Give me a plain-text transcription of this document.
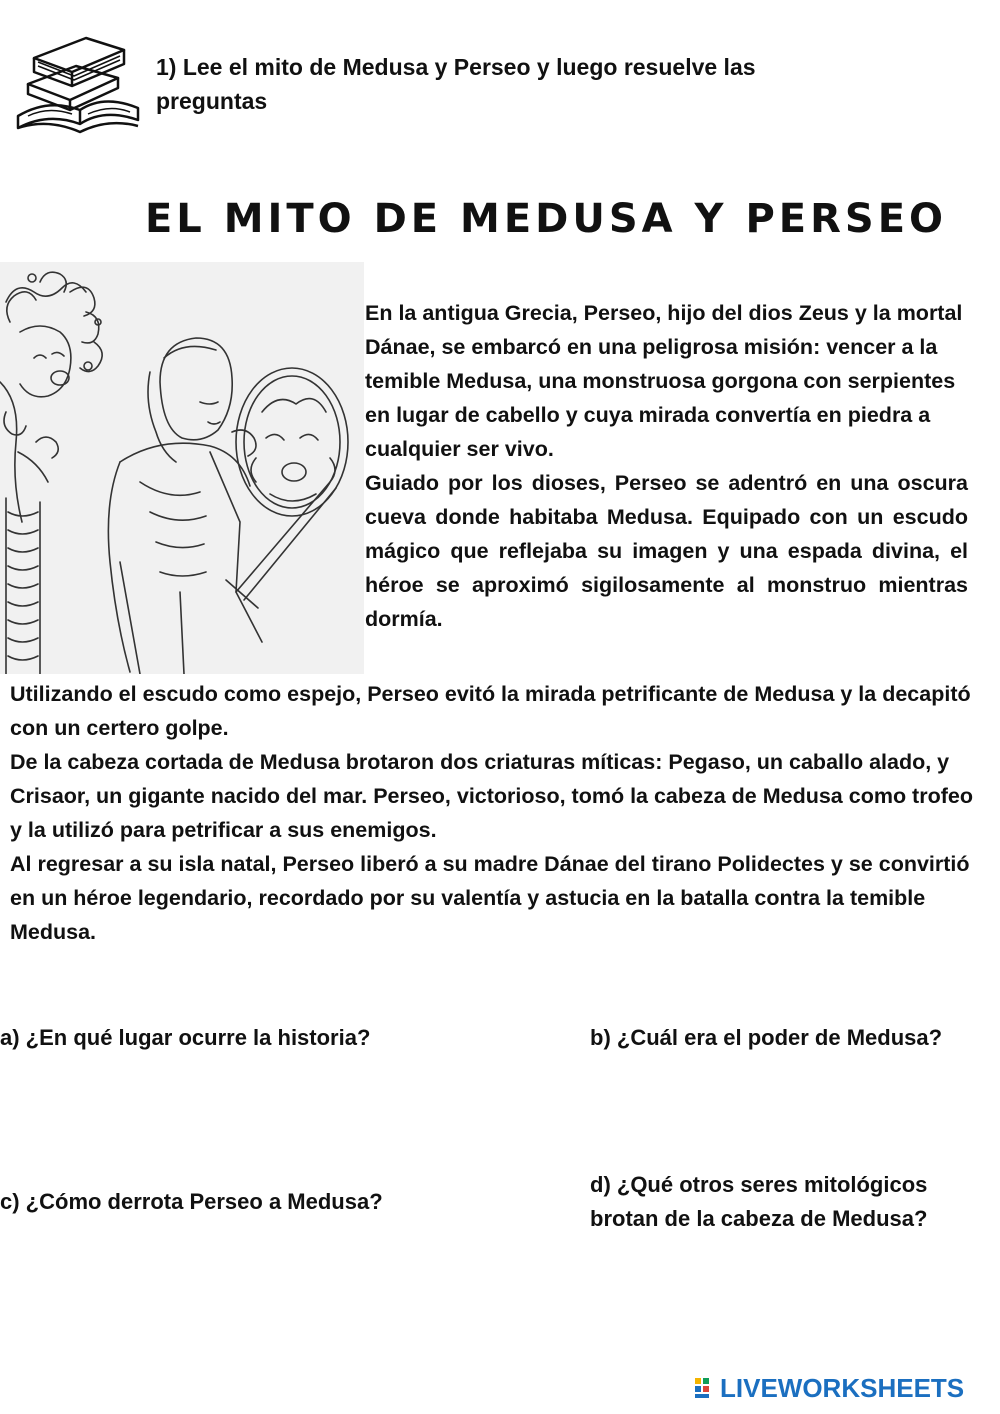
1) Lee el mito de Medusa y Perseo y luego resuelve las preguntas
EL MITO DE MEDUSA Y PERSEO

En la antigua Grecia, Perseo, hijo del dios Zeus y la mortal Dánae, se embarcó en una peligrosa misión: vencer a la temible Medusa, una monstruosa gorgona con serpientes en lugar de cabello y cuya mirada convertía en piedra a cualquier ser vivo.

Guiado por los dioses, Perseo se adentró en una oscura cueva donde habitaba Medusa. Equipado con un escudo mágico que reflejaba su imagen y una espada divina, el héroe se aproximó sigilosamente al monstruo mientras dormía.

Utilizando el escudo como espejo, Perseo evitó la mirada petrificante de Medusa y la decapitó con un certero golpe.

De la cabeza cortada de Medusa brotaron dos criaturas míticas: Pegaso, un caballo alado, y Crisaor, un gigante nacido del mar. Perseo, victorioso, tomó la cabeza de Medusa como trofeo y la utilizó para petrificar a sus enemigos.

Al regresar a su isla natal, Perseo liberó a su madre Dánae del tirano Polidectes y se convirtió en un héroe legendario, recordado por su valentía y astucia en la batalla contra la temible Medusa.

a) ¿En qué lugar ocurre la historia?	b) ¿Cuál era el poder de Medusa?
c) ¿Cómo derrota Perseo a Medusa?
d) ¿Qué otros seres mitológicos brotan de la cabeza de Medusa?
LIVEWORKSHEETS
